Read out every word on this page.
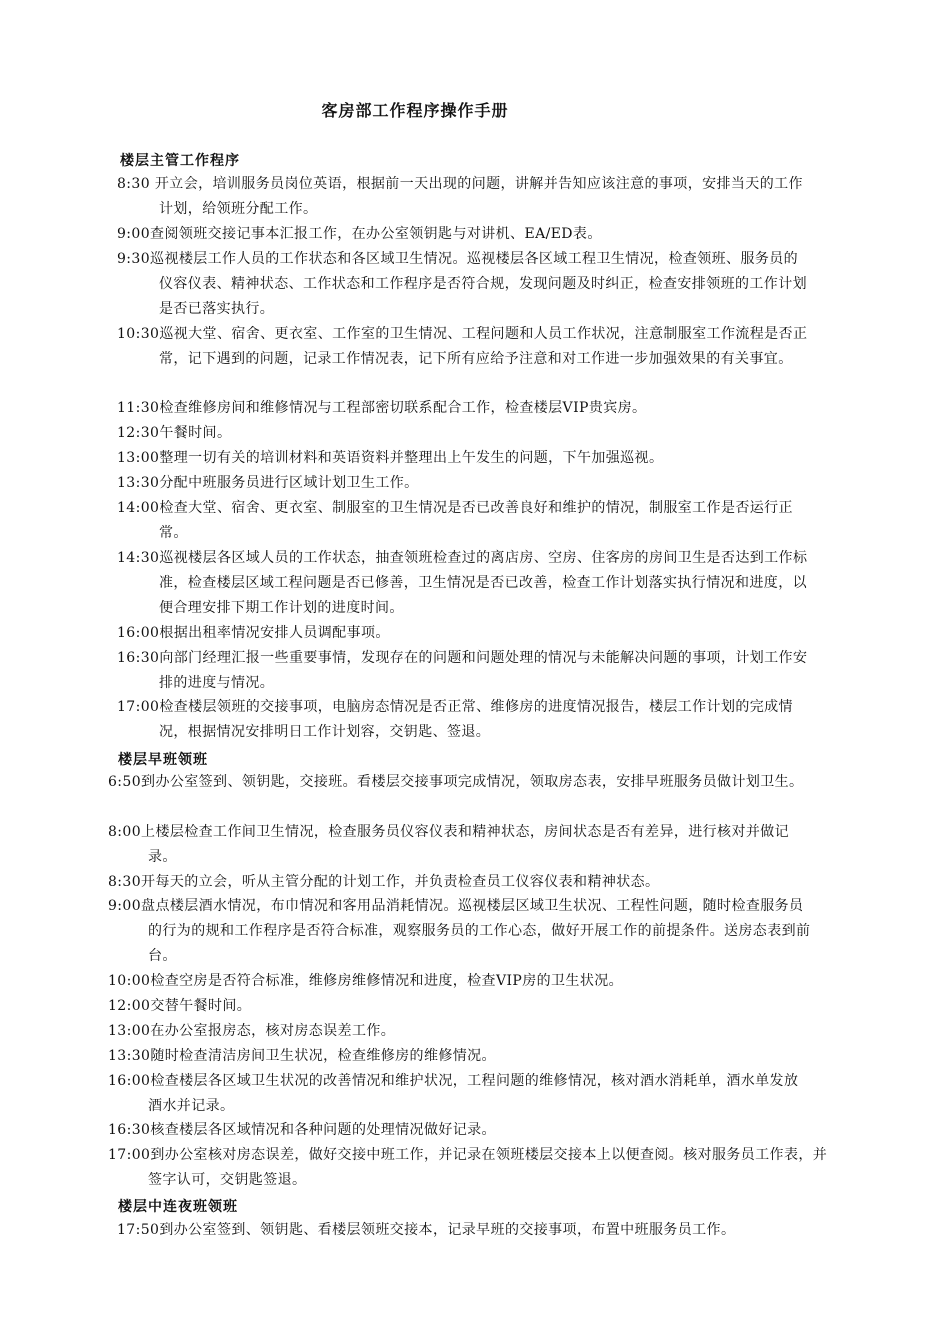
客房部工作程序操作手册
楼层主管工作程序

8:30 开立会，培训服务员岗位英语，根据前一天出现的问题，讲解并告知应该注意的事项，安排当天的工作计划，给领班分配工作。

9:00查阅领班交接记事本汇报工作，在办公室领钥匙与对讲机、EA/ED表。

9:30巡视楼层工作人员的工作状态和各区域卫生情况。巡视楼层各区域工程卫生情况，检查领班、服务员的仪容仪表、精神状态、工作状态和工作程序是否符合规，发现问题及时纠正，检查安排领班的工作计划是否已落实执行。

10:30巡视大堂、宿舍、更衣室、工作室的卫生情况、工程问题和人员工作状况，注意制服室工作流程是否正常，记下遇到的问题，记录工作情况表，记下所有应给予注意和对工作进一步加强效果的有关事宜。

11:30检查维修房间和维修情况与工程部密切联系配合工作，检查楼层VIP贵宾房。

12:30午餐时间。

13:00整理一切有关的培训材料和英语资料并整理出上午发生的问题，下午加强巡视。

13:30分配中班服务员进行区域计划卫生工作。

14:00检查大堂、宿舍、更衣室、制服室的卫生情况是否已改善良好和维护的情况，制服室工作是否运行正常。

14:30巡视楼层各区域人员的工作状态，抽查领班检查过的离店房、空房、住客房的房间卫生是否达到工作标准，检查楼层区域工程问题是否已修善，卫生情况是否已改善，检查工作计划落实执行情况和进度，以便合理安排下期工作计划的进度时间。

16:00根据出租率情况安排人员调配事项。

16:30向部门经理汇报一些重要事情，发现存在的问题和问题处理的情况与未能解决问题的事项，计划工作安排的进度与情况。

17:00检查楼层领班的交接事项，电脑房态情况是否正常、维修房的进度情况报告，楼层工作计划的完成情况，根据情况安排明日工作计划容，交钥匙、签退。

楼层早班领班

6:50到办公室签到、领钥匙，交接班。看楼层交接事项完成情况，领取房态表，安排早班服务员做计划卫生。

8:00上楼层检查工作间卫生情况，检查服务员仪容仪表和精神状态，房间状态是否有差异，进行核对并做记录。

8:30开每天的立会，听从主管分配的计划工作，并负责检查员工仪容仪表和精神状态。

9:00盘点楼层酒水情况，布巾情况和客用品消耗情况。巡视楼层区域卫生状况、工程性问题，随时检查服务员的行为的规和工作程序是否符合标准，观察服务员的工作心态，做好开展工作的前提条件。送房态表到前台。

10:00检查空房是否符合标准，维修房维修情况和进度，检查VIP房的卫生状况。

12:00交替午餐时间。

13:00在办公室报房态，核对房态误差工作。

13:30随时检查清洁房间卫生状况，检查维修房的维修情况。

16:00检查楼层各区域卫生状况的改善情况和维护状况，工程问题的维修情况，核对酒水消耗单，酒水单发放酒水并记录。

16:30核查楼层各区域情况和各种问题的处理情况做好记录。

17:00到办公室核对房态误差，做好交接中班工作，并记录在领班楼层交接本上以便查阅。核对服务员工作表，并签字认可，交钥匙签退。

楼层中连夜班领班

17:50到办公室签到、领钥匙、看楼层领班交接本，记录早班的交接事项，布置中班服务员工作。
